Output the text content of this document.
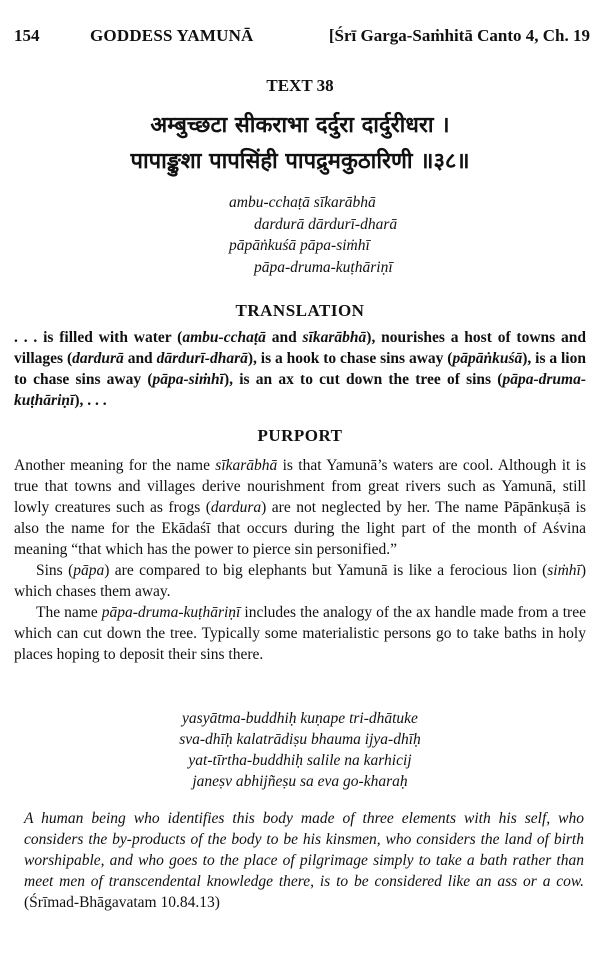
154	GODDESS YAMUNĀ	[Śrī Garga-Saṁhitā Canto 4, Ch. 19
TEXT 38
अम्बुच्छटा सीकराभा दर्दुरा दार्दुरीधरा ।
पापाङ्कुशा पापसिंही पापद्रुमकुठारिणी ॥३८॥
ambu-cchaṭā sīkarābhā
dardurā dārdurī-dharā
pāpāṅkuśā pāpa-siṁhī
pāpa-druma-kuṭhāriṇī
TRANSLATION
. . . is filled with water (ambu-cchaṭā and sīkarābhā), nourishes a host of towns and villages (dardurā and dārdurī-dharā), is a hook to chase sins away (pāpāṅkuśā), is a lion to chase sins away (pāpa-siṁhī), is an ax to cut down the tree of sins (pāpa-druma-kuṭhāriṇī), . . .
PURPORT

Another meaning for the name sīkarābhā is that Yamunā’s waters are cool. Although it is true that towns and villages derive nourishment from great rivers such as Yamunā, still lowly creatures such as frogs (dardura) are not neglected by her. The name Pāpānkuṣā is also the name for the Ekādaśī that occurs during the light part of the month of Aśvina meaning “that which has the power to pierce sin personified.”

Sins (pāpa) are compared to big elephants but Yamunā is like a ferocious lion (siṁhī) which chases them away.

The name pāpa-druma-kuṭhāriṇī includes the analogy of the ax handle made from a tree which can cut down the tree. Typically some materialistic persons go to take baths in holy places hoping to deposit their sins there.

yasyātma-buddhiḥ kuṇape tri-dhātuke
sva-dhīḥ kalatrādiṣu bhauma ijya-dhīḥ
yat-tīrtha-buddhiḥ salile na karhicij
janeṣv abhijñeṣu sa eva go-kharaḥ
A human being who identifies this body made of three elements with his self, who considers the by-products of the body to be his kinsmen, who considers the land of birth worshipable, and who goes to the place of pilgrimage simply to take a bath rather than meet men of transcendental knowledge there, is to be considered like an ass or a cow. (Śrīmad-Bhāgavatam 10.84.13)
